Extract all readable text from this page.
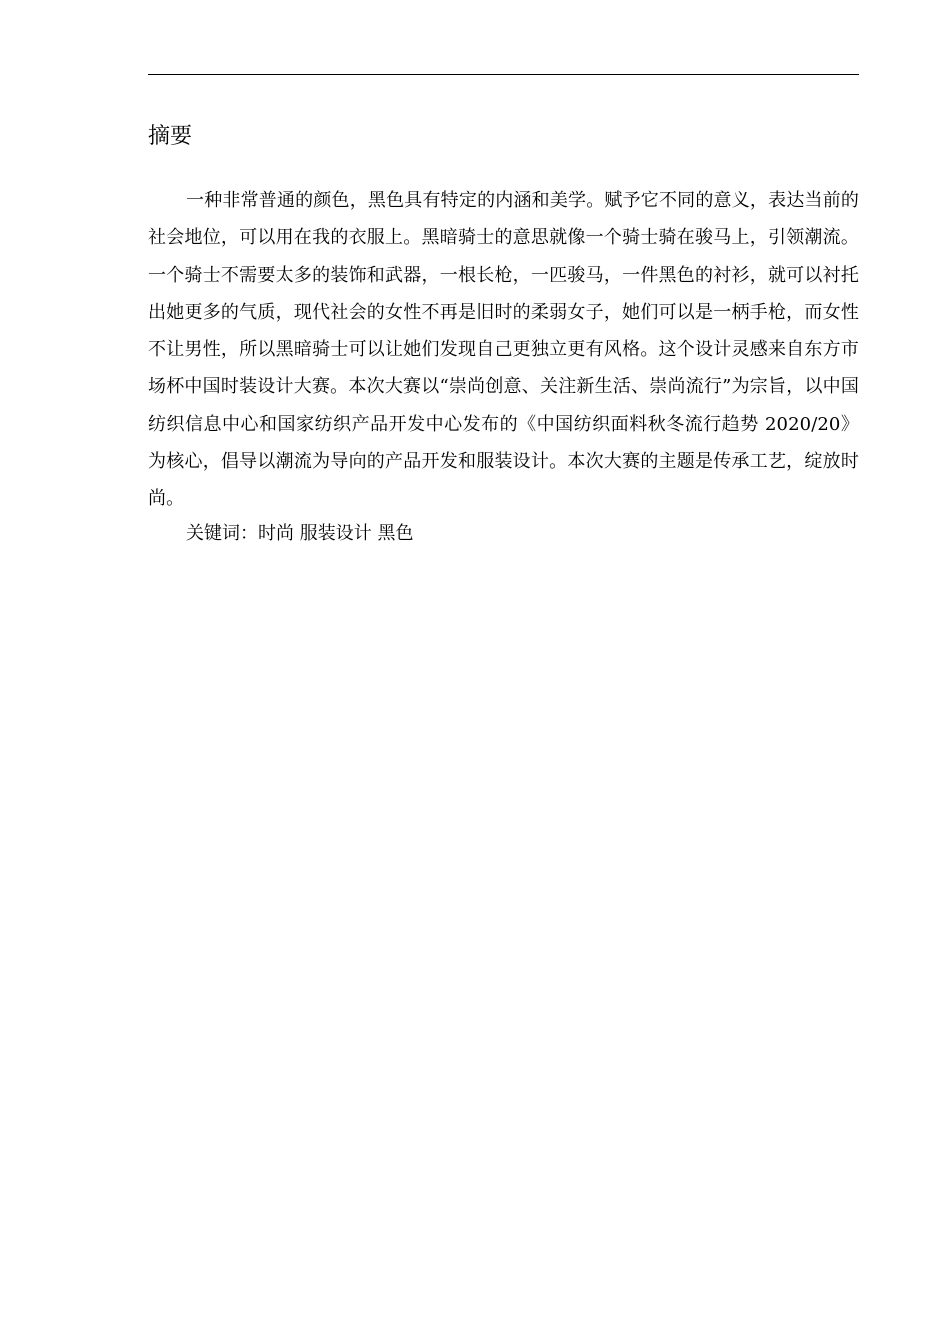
摘要

一种非常普通的颜色，黑色具有特定的内涵和美学。赋予它不同的意义，表达当前的社会地位，可以用在我的衣服上。黑暗骑士的意思就像一个骑士骑在骏马上，引领潮流。一个骑士不需要太多的装饰和武器，一根长枪，一匹骏马，一件黑色的衬衫，就可以衬托出她更多的气质，现代社会的女性不再是旧时的柔弱女子，她们可以是一柄手枪，而女性不让男性，所以黑暗骑士可以让她们发现自己更独立更有风格。这个设计灵感来自东方市场杯中国时装设计大赛。本次大赛以“崇尚创意、关注新生活、崇尚流行”为宗旨，以中国纺织信息中心和国家纺织产品开发中心发布的《中国纺织面料秋冬流行趋势 2020/20》为核心，倡导以潮流为导向的产品开发和服装设计。本次大赛的主题是传承工艺，绽放时尚。

关键词：时尚 服装设计 黑色
